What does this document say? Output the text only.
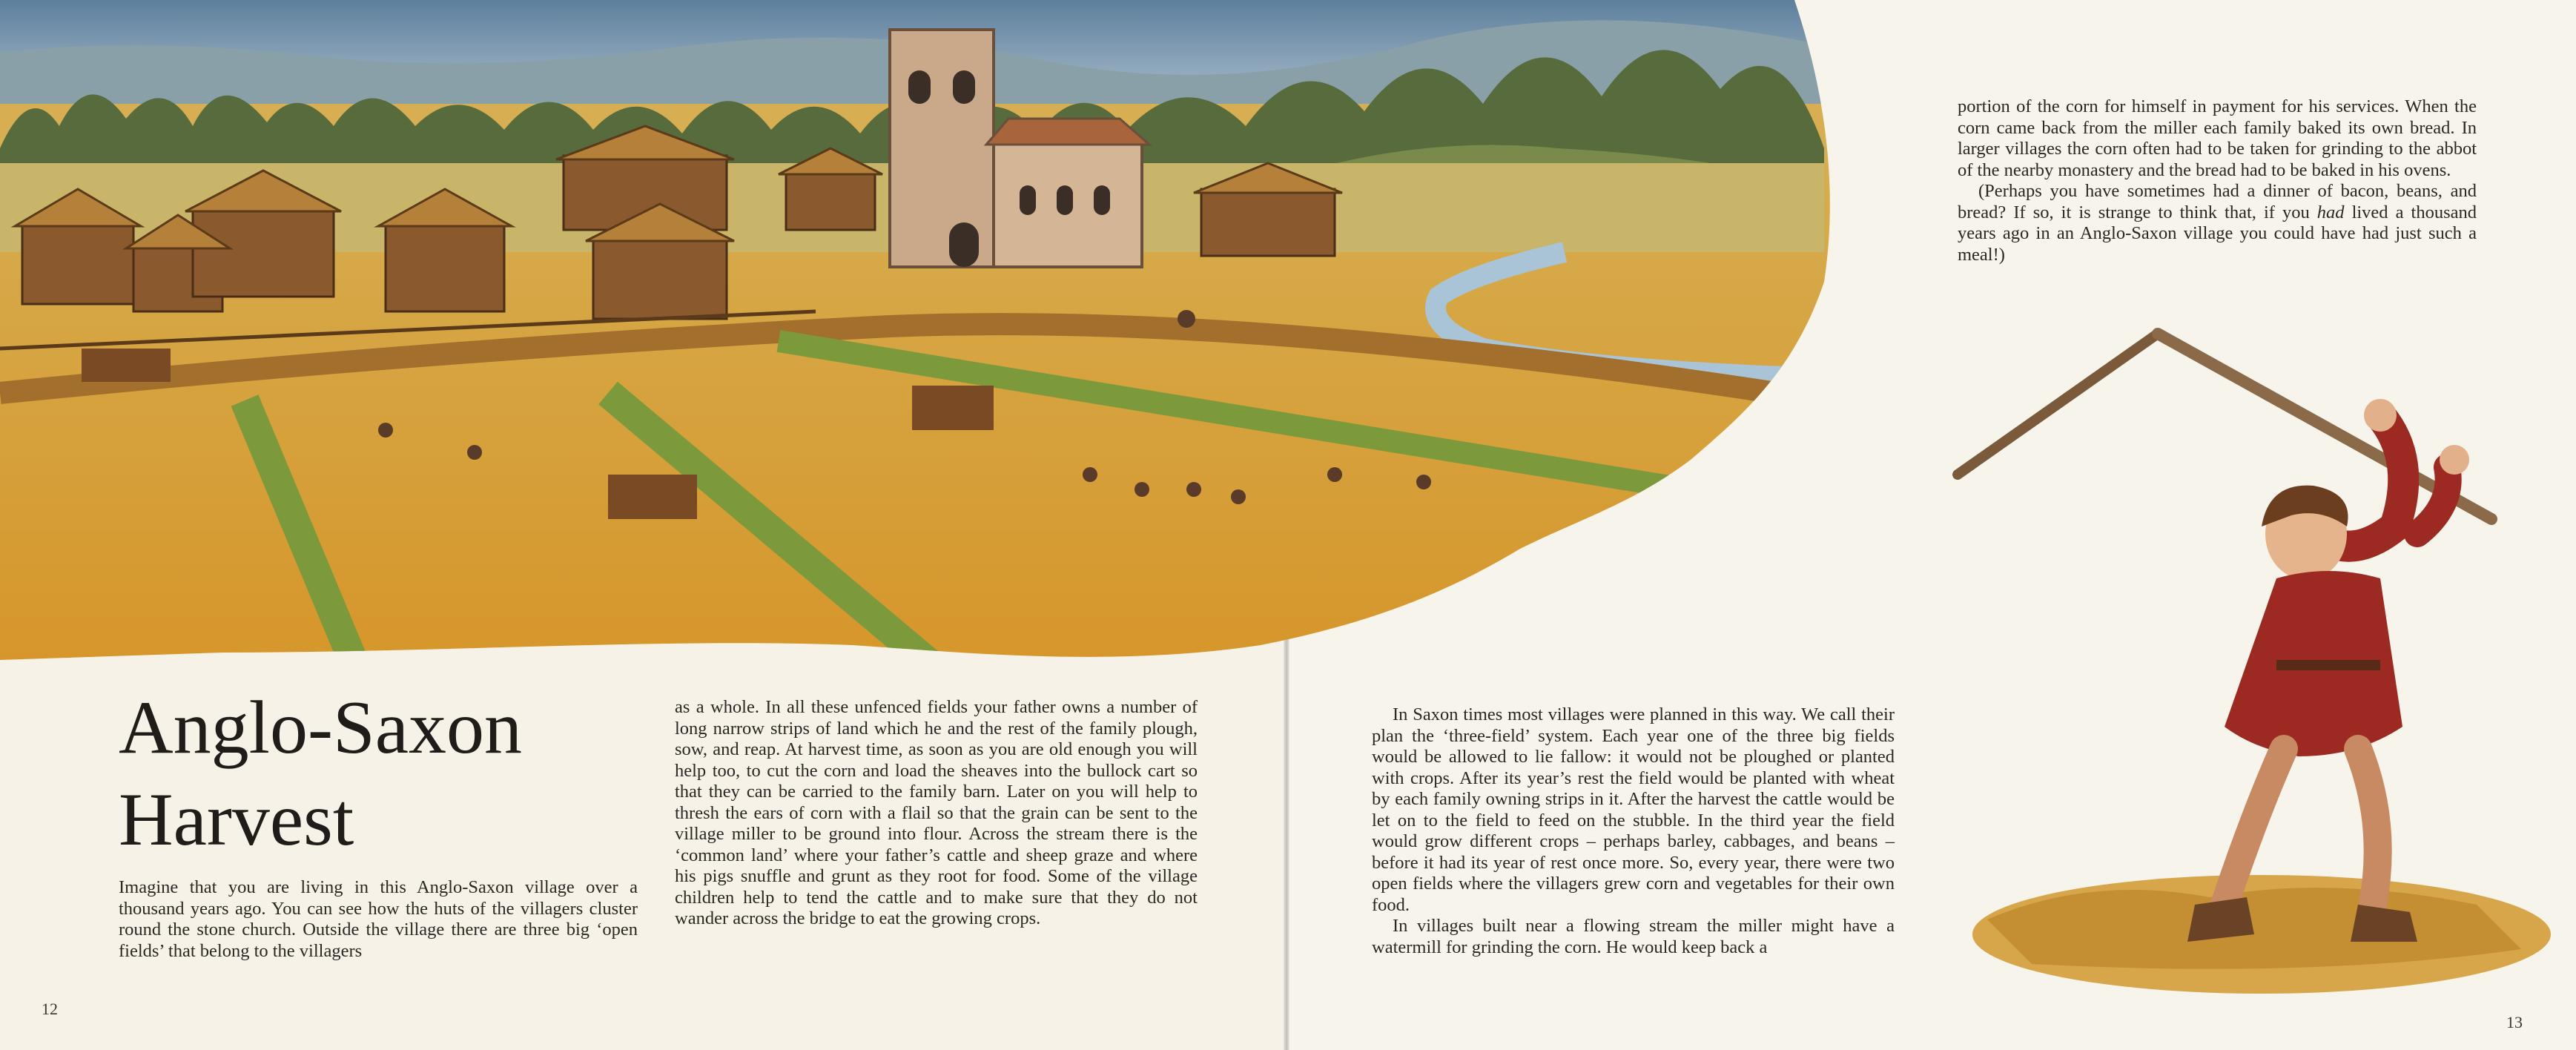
Anglo-Saxon
Harvest

Imagine that you are living in this Anglo-Saxon village over a thousand years ago. You can see how the huts of the villagers cluster round the stone church. Outside the village there are three big ‘open fields’ that belong to the villagers

as a whole. In all these unfenced fields your father owns a number of long narrow strips of land which he and the rest of the family plough, sow, and reap. At harvest time, as soon as you are old enough you will help too, to cut the corn and load the sheaves into the bullock cart so that they can be carried to the family barn. Later on you will help to thresh the ears of corn with a flail so that the grain can be sent to the village miller to be ground into flour. Across the stream there is the ‘common land’ where your father’s cattle and sheep graze and where his pigs snuffle and grunt as they root for food. Some of the village children help to tend the cattle and to make sure that they do not wander across the bridge to eat the growing crops.

12
13

In Saxon times most villages were planned in this way. We call their plan the ‘three-field’ system. Each year one of the three big fields would be allowed to lie fallow: it would not be ploughed or planted with crops. After its year’s rest the field would be planted with wheat by each family owning strips in it. After the harvest the cattle would be let on to the field to feed on the stubble. In the third year the field would grow different crops – perhaps barley, cabbages, and beans – before it had its year of rest once more. So, every year, there were two open fields where the villagers grew corn and vegetables for their own food.

In villages built near a flowing stream the miller might have a watermill for grinding the corn. He would keep back a

portion of the corn for himself in payment for his services. When the corn came back from the miller each family baked its own bread. In larger villages the corn often had to be taken for grinding to the abbot of the nearby monastery and the bread had to be baked in his ovens.

(Perhaps you have sometimes had a dinner of bacon, beans, and bread? If so, it is strange to think that, if you had lived a thousand years ago in an Anglo-Saxon village you could have had just such a meal!)
